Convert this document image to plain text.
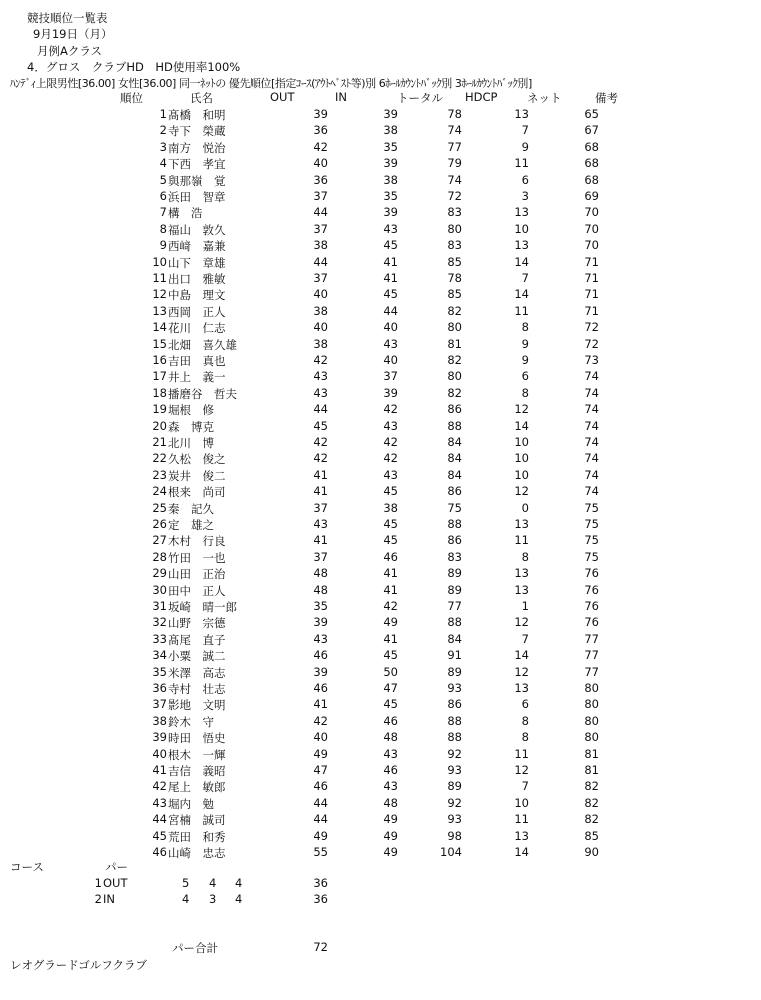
競技順位一覧表
9月19日（月）
月例Aクラス
4．グロス　クラブHD　HD使用率100%
ﾊﾝﾃﾞｨ上限男性[36.00] 女性[36.00] 同一ﾈｯﾄの 優先順位[指定ｺｰｽ(ｱｳﾄﾍﾞｽﾄ等)別 6ﾎｰﾙｶｳﾝﾄﾊﾞｯｸ別 3ﾎｰﾙｶｳﾝﾄﾊﾞｯｸ別]
順位	氏名	OUT	IN	トータル HDCP	ネット	備考
1 髙橋　和明	39	39	78	13	65
2 寺下　榮蔵	36	38	74	7	67
3 南方　悦治	42	35	77	9	68
4 下西　孝宜	40	39	79	11	68
5 與那嶺　覚	36	38	74	6	68
6 浜田　智章	37	35	72	3	69
7 構　浩	44	39	83	13	70
8 福山　敦久	37	43	80	10	70
9 西﨑　嘉兼	38	45	83	13	70
10 山下　章雄	44	41	85	14	71
11 出口　雅敏	37	41	78	7	71
12 中島　理文	40	45	85	14	71
13 西岡　正人	38	44	82	11	71
14 花川　仁志	40	40	80	8	72
15 北畑　喜久雄	38	43	81	9	72
16 吉田　真也	42	40	82	9	73
17 井上　義一	43	37	80	6	74
18 播磨谷　哲夫	43	39	82	8	74
19 堀根　修	44	42	86	12	74
20 森　博克	45	43	88	14	74
21 北川　博	42	42	84	10	74
22 久松　俊之	42	42	84	10	74
23 炭井　俊二	41	43	84	10	74
24 根来　尚司	41	45	86	12	74
25 秦　記久	37	38	75	0	75
26 定　雄之	43	45	88	13	75
27 木村　行良	41	45	86	11	75
28 竹田　一也	37	46	83	8	75
29 山田　正治	48	41	89	13	76
30 田中　正人	48	41	89	13	76
31 坂崎　晴一郎	35	42	77	1	76
32 山野　宗德	39	49	88	12	76
33 髙尾　直子	43	41	84	7	77
34 小粟　誠二	46	45	91	14	77
35 米澤　高志	39	50	89	12	77
36 寺村　壮志	46	47	93	13	80
37 影地　文明	41	45	86	6	80
38 鈴木　守	42	46	88	8	80
39 時田　悟史	40	48	88	8	80
40 根木　一輝	49	43	92	11	81
41 吉信　義昭	47	46	93	12	81
42 尾上　敏郎	46	43	89	7	82
43 堀内　勉	44	48	92	10	82
44 宮楠　誠司	44	49	93	11	82
45 荒田　和秀	49	49	98	13	85
46 山崎　忠志	55	49	104	14	90
コース	パー
1 OUT	5 4 4	36
2 IN	4 3 4	36
パー合計	72
レオグラードゴルフクラブ
